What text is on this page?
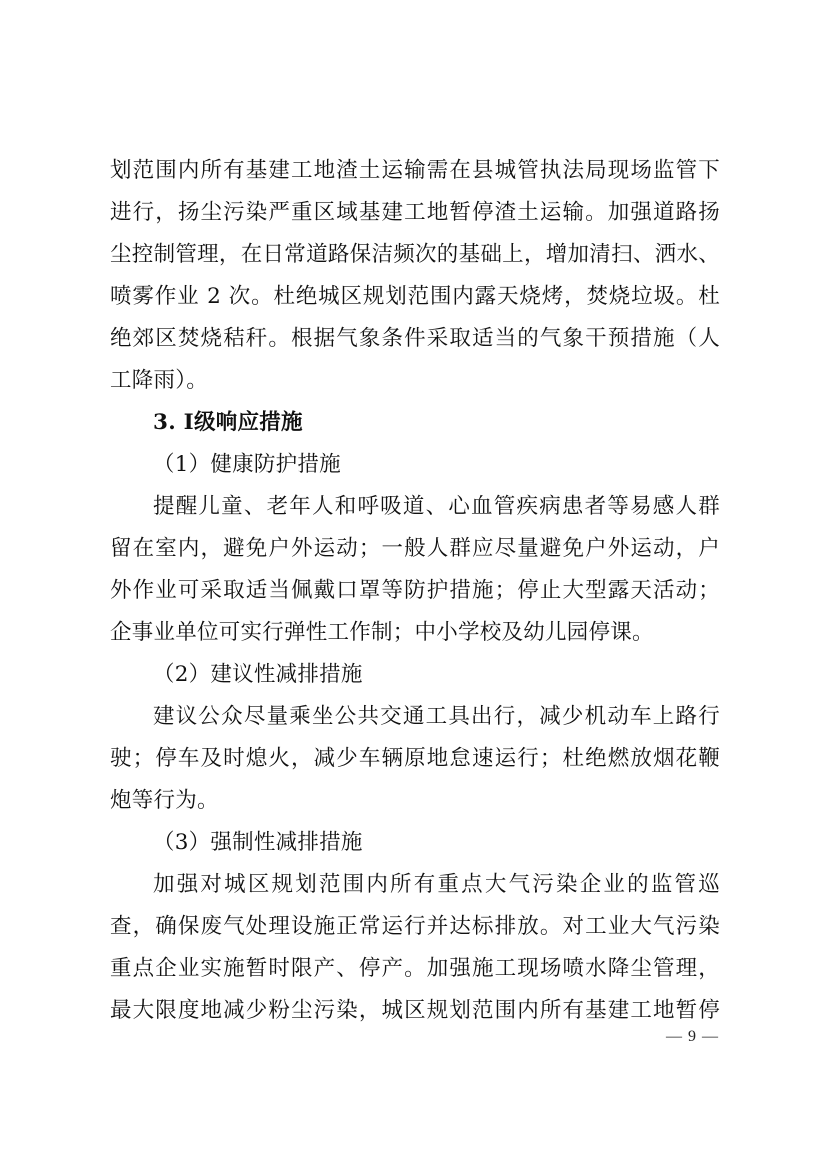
划范围内所有基建工地渣土运输需在县城管执法局现场监管下
进行，扬尘污染严重区域基建工地暂停渣土运输。加强道路扬
尘控制管理，在日常道路保洁频次的基础上，增加清扫、洒水、
喷雾作业 2 次。杜绝城区规划范围内露天烧烤，焚烧垃圾。杜
绝郊区焚烧秸秆。根据气象条件采取适当的气象干预措施（人
工降雨）。
3. Ⅰ级响应措施
（1）健康防护措施
提醒儿童、老年人和呼吸道、心血管疾病患者等易感人群
留在室内，避免户外运动；一般人群应尽量避免户外运动，户
外作业可采取适当佩戴口罩等防护措施；停止大型露天活动；
企事业单位可实行弹性工作制；中小学校及幼儿园停课。
（2）建议性减排措施
建议公众尽量乘坐公共交通工具出行，减少机动车上路行
驶；停车及时熄火，减少车辆原地怠速运行；杜绝燃放烟花鞭
炮等行为。
（3）强制性减排措施
加强对城区规划范围内所有重点大气污染企业的监管巡
查，确保废气处理设施正常运行并达标排放。对工业大气污染
重点企业实施暂时限产、停产。加强施工现场喷水降尘管理，
最大限度地减少粉尘污染，城区规划范围内所有基建工地暂停
— 9 —
